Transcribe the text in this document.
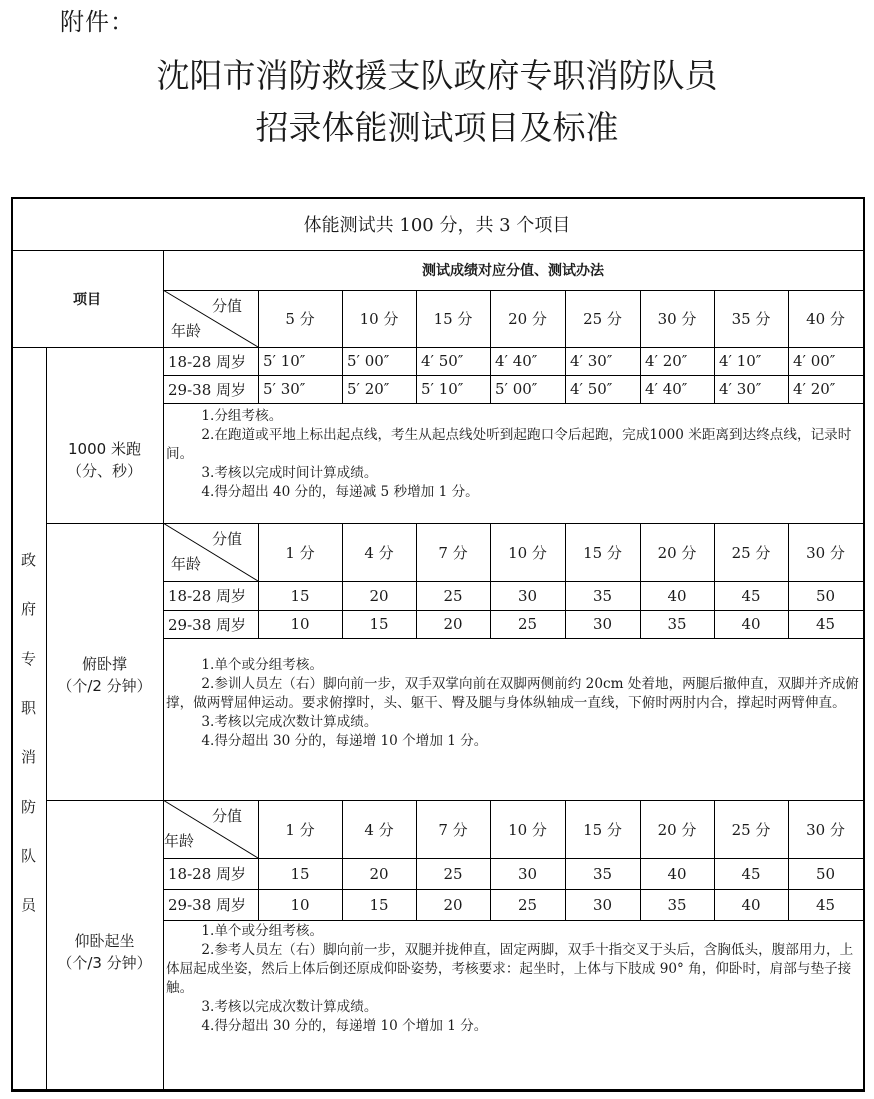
附件：
沈阳市消防救援支队政府专职消防队员
招录体能测试项目及标准
体能测试共 100 分，共 3 个项目
项目
测试成绩对应分值、测试办法
政
府
专
职
消
防
队
员
1000 米跑
（分、秒）
分值
年龄
5 分	10 分	15 分	20 分	25 分	30 分	35 分	40 分
18-28 周岁	5′ 10″	5′ 00″	4′ 50″	4′ 40″	4′ 30″	4′ 20″	4′ 10″	4′ 00″
29-38 周岁	5′ 30″	5′ 20″	5′ 10″	5′ 00″	4′ 50″	4′ 40″	4′ 30″	4′ 20″

1.分组考核。

2.在跑道或平地上标出起点线，考生从起点线处听到起跑口令后起跑，完成1000 米距离到达终点线，记录时间。

3.考核以完成时间计算成绩。

4.得分超出 40 分的，每递减 5 秒增加 1 分。

俯卧撑
（个/2 分钟）
分值
年龄
1 分	4 分	7 分	10 分	15 分	20 分	25 分	30 分
18-28 周岁	15	20	25	30	35	40	45	50
29-38 周岁	10	15	20	25	30	35	40	45

1.单个或分组考核。

2.参训人员左（右）脚向前一步，双手双掌向前在双脚两侧前约 20cm 处着地，两腿后撤伸直，双脚并齐成俯撑，做两臂屈伸运动。要求俯撑时，头、躯干、臀及腿与身体纵轴成一直线，下俯时两肘内合，撑起时两臂伸直。

3.考核以完成次数计算成绩。

4.得分超出 30 分的，每递增 10 个增加 1 分。

仰卧起坐
（个/3 分钟）
分值
年龄
1 分	4 分	7 分	10 分	15 分	20 分	25 分	30 分
18-28 周岁	15	20	25	30	35	40	45	50
29-38 周岁	10	15	20	25	30	35	40	45

1.单个或分组考核。

2.参考人员左（右）脚向前一步，双腿并拢伸直，固定两脚，双手十指交叉于头后，含胸低头，腹部用力，上体屈起成坐姿，然后上体后倒还原成仰卧姿势，考核要求：起坐时，上体与下肢成 90° 角，仰卧时，肩部与垫子接触。

3.考核以完成次数计算成绩。

4.得分超出 30 分的，每递增 10 个增加 1 分。
